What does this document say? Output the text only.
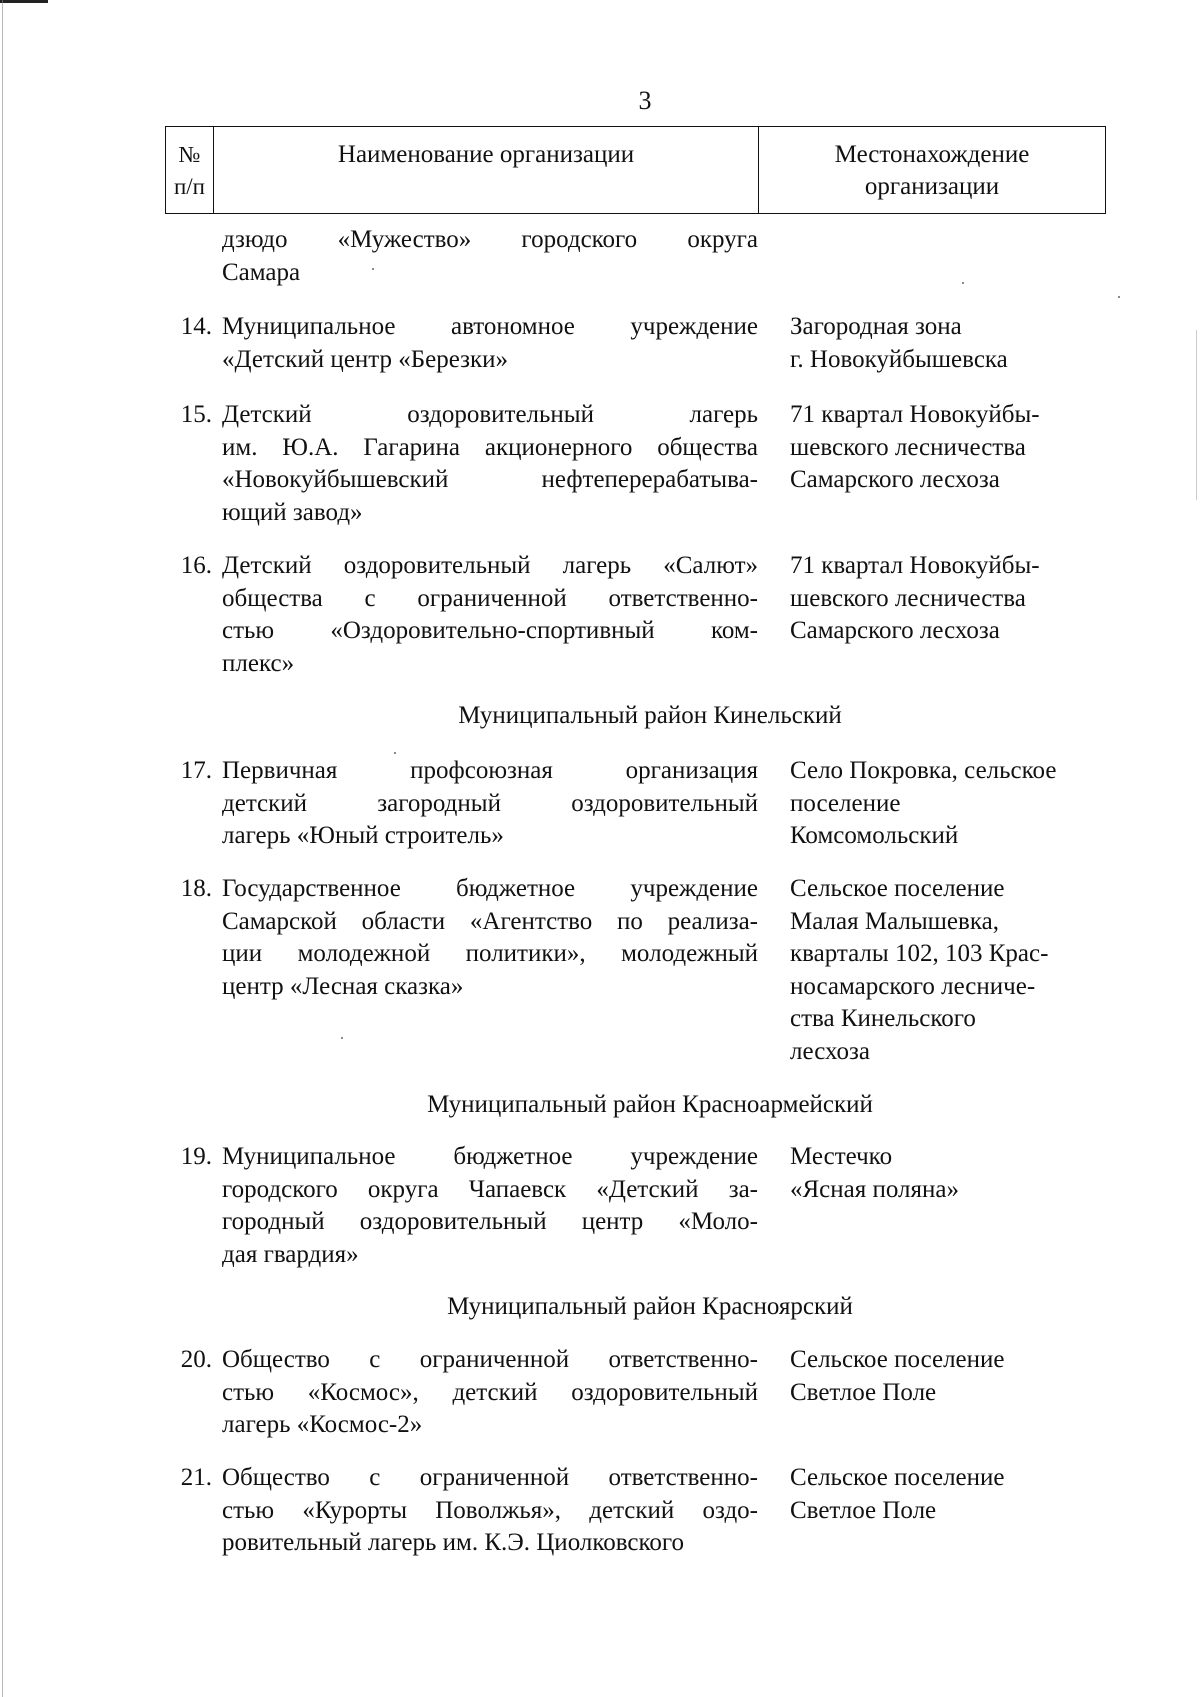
3
№
п/п
Наименование организации	Местонахождение
организации
дзюдо «Мужество» городского округа
Самара
14. Муниципальное автономное учреждение
«Детский центр «Березки»
Загородная зона
г. Новокуйбышевска
15. Детский оздоровительный лагерь
им. Ю.А. Гагарина акционерного общества
«Новокуйбышевский нефтеперерабатыва-
ющий завод»
71 квартал Новокуйбы-
шевского лесничества
Самарского лесхоза
16. Детский оздоровительный лагерь «Салют»
общества с ограниченной ответственно-
стью «Оздоровительно-спортивный ком-
плекс»
71 квартал Новокуйбы-
шевского лесничества
Самарского лесхоза
Муниципальный район Кинельский
17. Первичная профсоюзная организация
детский загородный оздоровительный
лагерь «Юный строитель»
Село Покровка, сельское
поселение
Комсомольский
18. Государственное бюджетное учреждение
Самарской области «Агентство по реализа-
ции молодежной политики», молодежный
центр «Лесная сказка»
Сельское поселение
Малая Малышевка,
кварталы 102, 103 Крас-
носамарского лесниче-
ства Кинельского
лесхоза
Муниципальный район Красноармейский
19. Муниципальное бюджетное учреждение
городского округа Чапаевск «Детский за-
городный оздоровительный центр «Моло-
дая гвардия»
Местечко
«Ясная поляна»
Муниципальный район Красноярский
20. Общество с ограниченной ответственно-
стью «Космос», детский оздоровительный
лагерь «Космос-2»
Сельское поселение
Светлое Поле
21. Общество с ограниченной ответственно-
стью «Курорты Поволжья», детский оздо-
ровительный лагерь им. К.Э. Циолковского
Сельское поселение
Светлое Поле
